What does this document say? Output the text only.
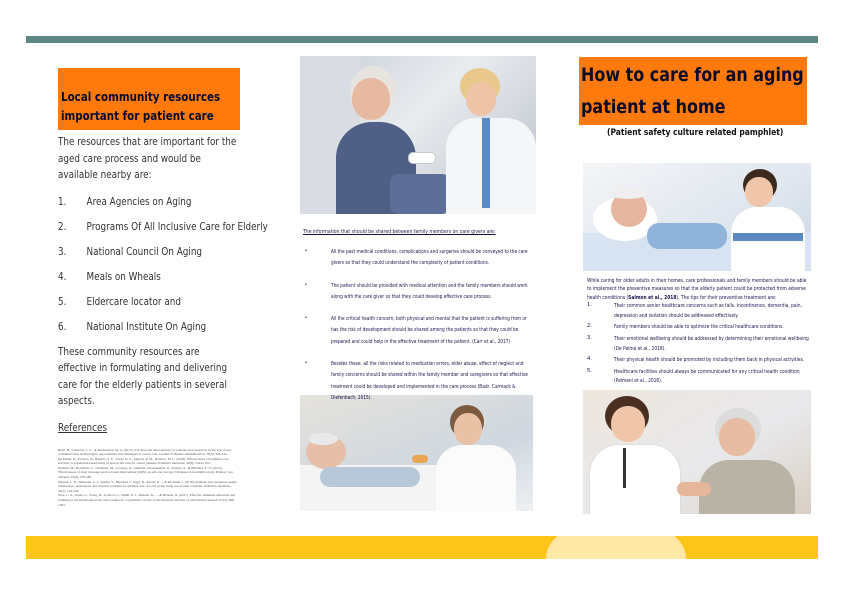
Local community resources important for patient care
The resources that are important for the aged care process and would be available nearby are:
1. Area Agencies on Aging
2. Programs Of All Inclusive Care for Elderly
3. National Council On Aging
4. Meals on Wheals
5. Eldercare locator and
6. National Institute On Aging
These community resources are effective in formulating and delivering care for the elderly patients in several aspects.
References
Bush, H., Carmack, C. L., & Diefenbach, M. A. (2015). Psychosocial interventions for patients and caregivers in the age of new communication technologies: opportunities and challenges in cancer care. Journal of Health communication, 20(3), 328-342.
De Palma, R., Fortuna, D., Hegarty, S. E., Louis, D. Z., Melotti, R. M., & Moro, M. L. (2018). Effectiveness of palliative care services: A population-based study of end-of-life care for cancer patients. Palliative medicine, 32(8), 1344-1352.
Nemani, M., Boutilsen, C., Oranjisse, M., Lacquey, R., Gharibet, Ghazaneshed, R., Trainer, A., & Bibbiani, E. N. (2014). Effectiveness of short message service-based intervention (SMS) on self-care in type 2 diabetes: A feasibility study. Primary care diabetes, 10(4), 276-286.
Nilsson, L. E., Dahlgren, L. I., Sandin, S., Bertrand, J., Eggs, B., Strand, P., ... & Paclashk, J. (2019). Patients' and caregivers' needs, experiences, preferences and research priorities in spiritual care: A focus group study across nine countries. Palliative medicine, 32(1), 216-230.
Neal, C. A., Gates, C., Wong, D., Gydrova, J., Smith, E. J., Dennett, K., ... & Hanson, A. (2017). Effective dementia education and training for the health and social care workforce: a systematic review of the literature. Review of educational research, 87(5), 966-1002.
The information that should be shared between family members on care givers are:
•	All the past medical conditions, complications and surgeries should be conveyed to the care givers so that they could understand the complexity of patient conditions.
•	The patient should be provided with medical attention and the family members should work along with the care giver so that they could develop effective care process.
•	All the critical health concern, both physical and mental that the patient is suffering from or has the risk of development should be shared among the patients so that they could be prepared and could help in the effective treatment of the patient. (Carr et al., 2017)
•	Besides these, all the risks related to medication errors, elder abuse, effect of neglect and family concerns should be shared within the family member and caregivers so that effective treatment could be developed and implemented in the care process (Badr, Carmack & Diefenbach, 2015).
How to care for an aging patient at home
(Patient safety culture related pamphlet)
While caring for older adults in their homes, care professionals and family members should be able to implement the preventive measures so that the elderly patient could be protected from adverse health conditions (Salmon et al., 2018). The tips for their preventive treatment are:
1.	Their common senior healthcare concerns such as falls, incontinence, dementia, pain, depression and isolation should be addressed effectively.
2.	Family members should be able to optimize the critical healthcare conditions.
3.	Their emotional wellbeing should be addressed by determining their emotional wellbeing (De Palma et al., 2018).
4.	Their physical health should be promoted by including them back in physical activities.
5.	Healthcare facilities should always be communicated for any critical health condition (Palmani et al., 2016).
